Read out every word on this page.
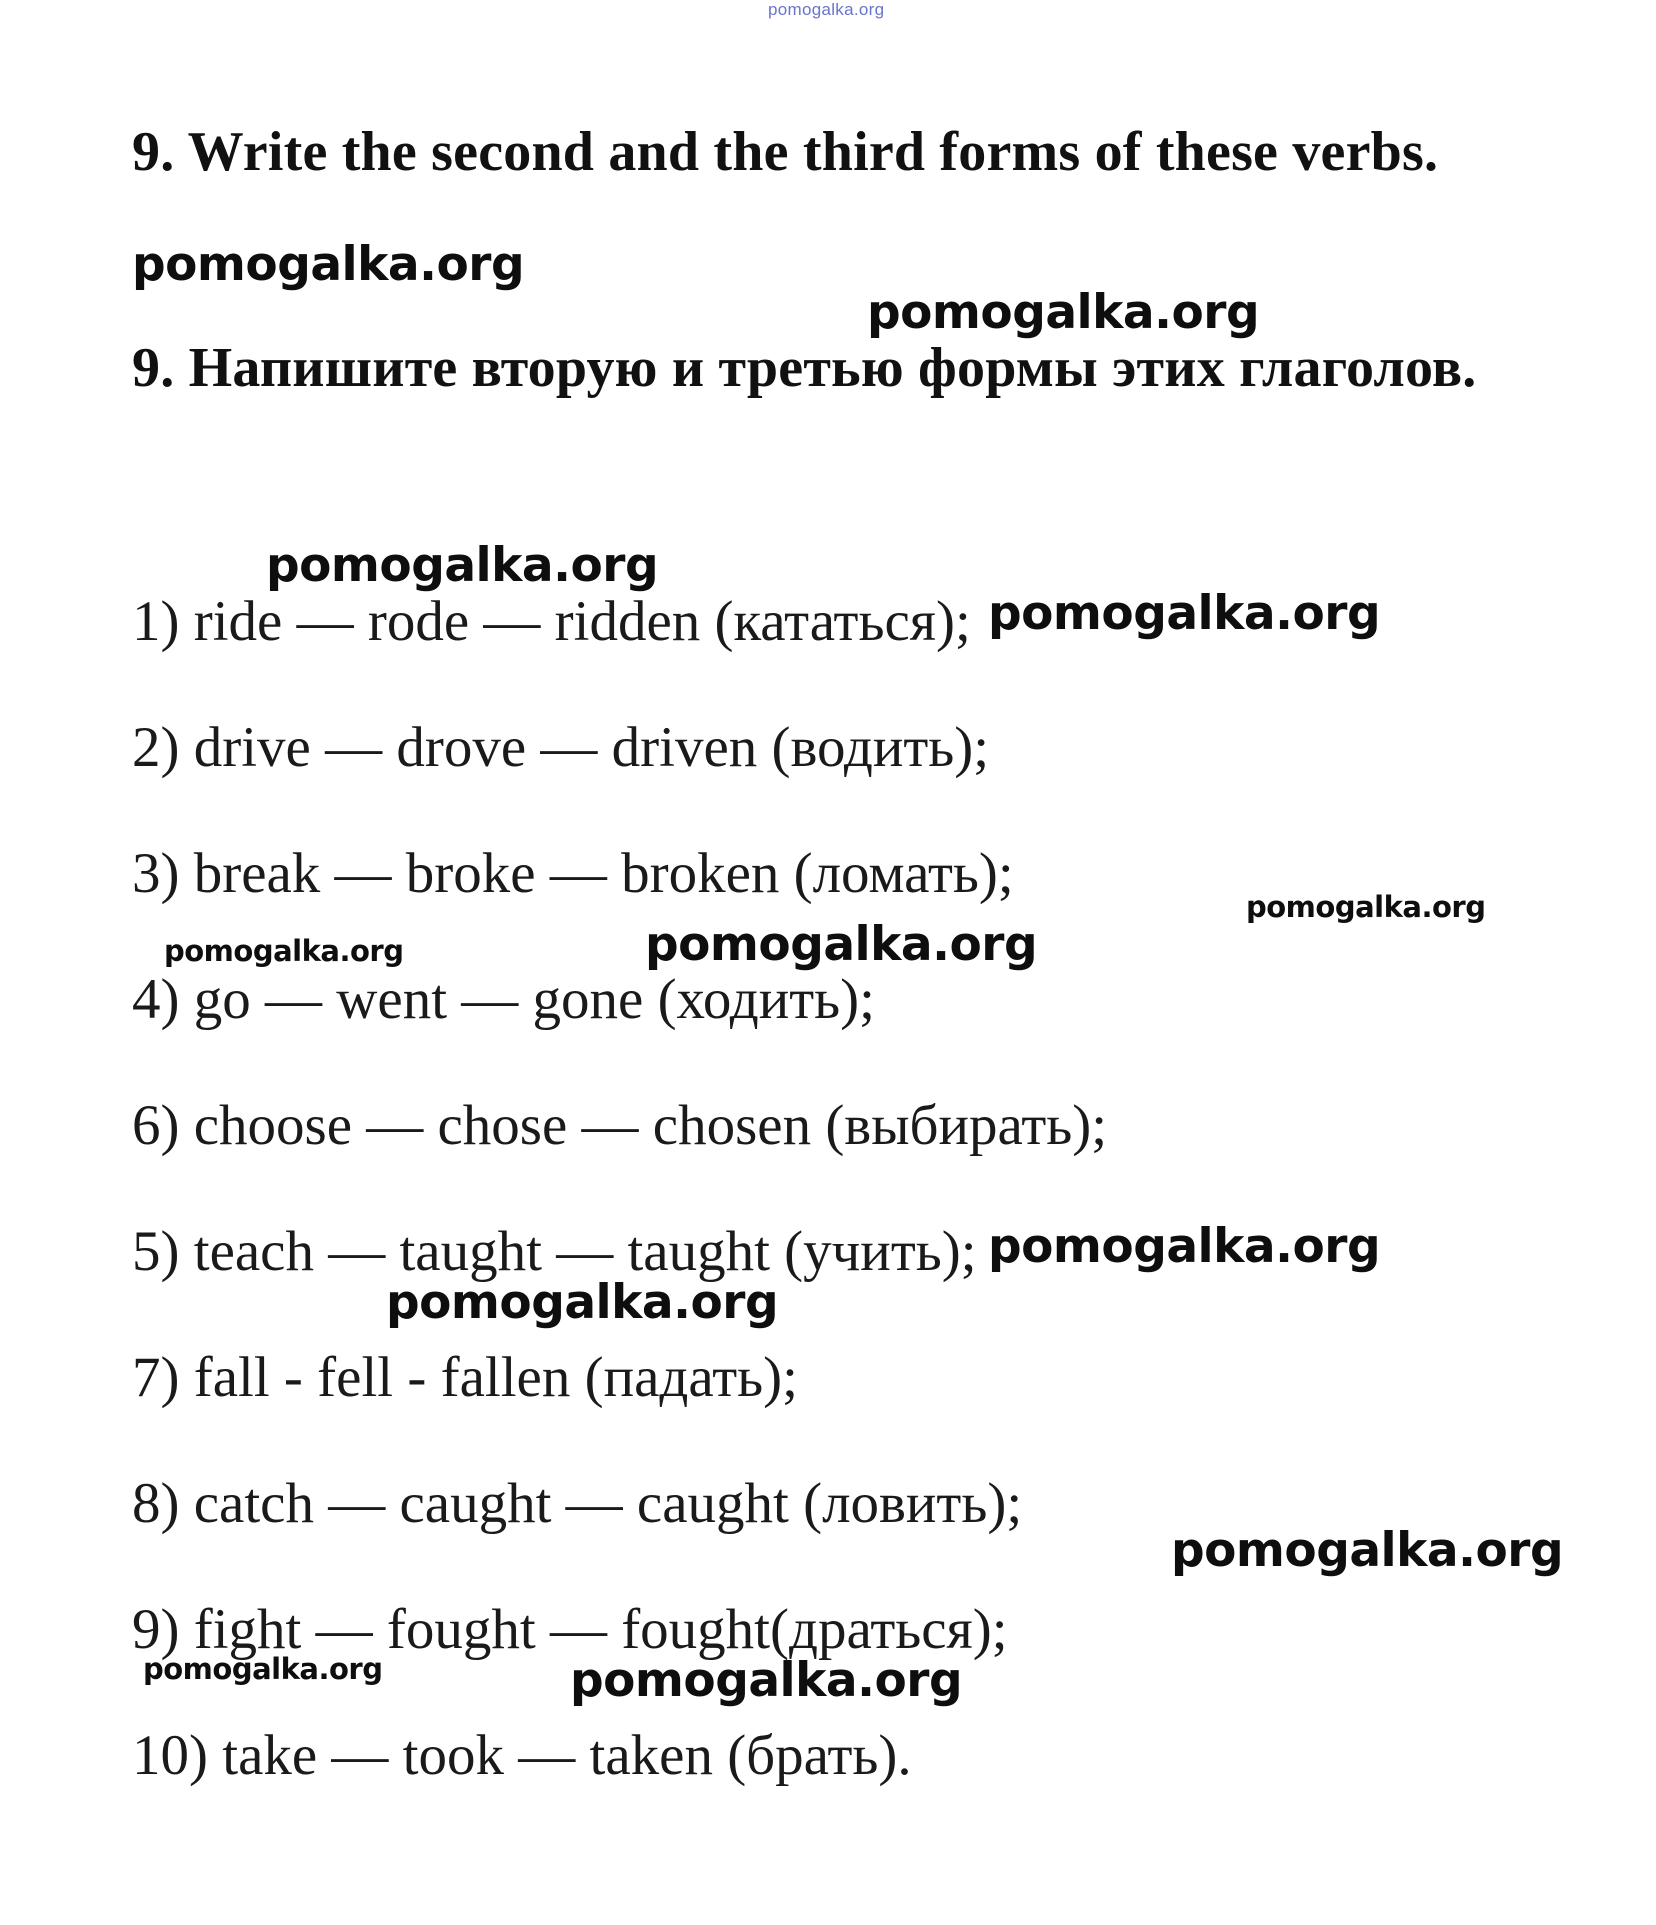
pomogalka.org
9. Write the second and the third forms of these verbs.
9. Напишите вторую и третью формы этих глаголов.
1) ride — rode — ridden (кататься);
2) drive — drove — driven (водить);
3) break — broke — broken (ломать);
4) go — went — gone (ходить);
6) choose — chose — chosen (выбирать);
5) teach — taught — taught (учить);
7) fall - fell - fallen (падать);
8) catch — caught — caught (ловить);
9) fight — fought — fought(драться);
10) take — took — taken (брать).
pomogalka.org
pomogalka.org
pomogalka.org
pomogalka.org
pomogalka.org
pomogalka.org	pomogalka.org
pomogalka.org
pomogalka.org
pomogalka.org
pomogalka.org	pomogalka.org
